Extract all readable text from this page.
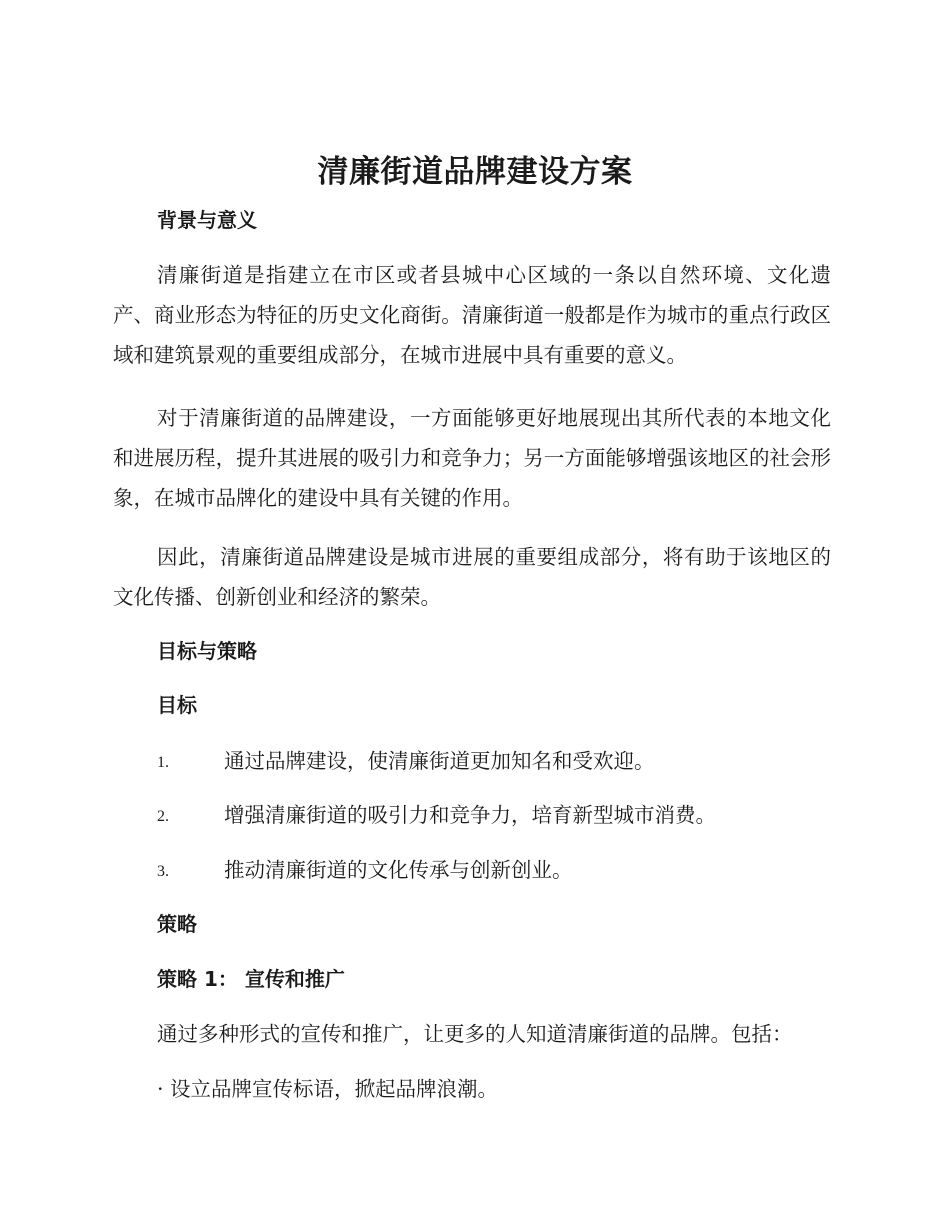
清廉街道品牌建设方案
背景与意义

清廉街道是指建立在市区或者县城中心区域的一条以自然环境、文化遗产、商业形态为特征的历史文化商街。清廉街道一般都是作为城市的重点行政区域和建筑景观的重要组成部分，在城市进展中具有重要的意义。

对于清廉街道的品牌建设，一方面能够更好地展现出其所代表的本地文化和进展历程，提升其进展的吸引力和竞争力；另一方面能够增强该地区的社会形象，在城市品牌化的建设中具有关键的作用。

因此，清廉街道品牌建设是城市进展的重要组成部分，将有助于该地区的文化传播、创新创业和经济的繁荣。

目标与策略
目标
1.	通过品牌建设，使清廉街道更加知名和受欢迎。
2.	增强清廉街道的吸引力和竞争力，培育新型城市消费。
3.	推动清廉街道的文化传承与创新创业。
策略
策略 1： 宣传和推广
通过多种形式的宣传和推广，让更多的人知道清廉街道的品牌。包括：
· 设立品牌宣传标语，掀起品牌浪潮。
